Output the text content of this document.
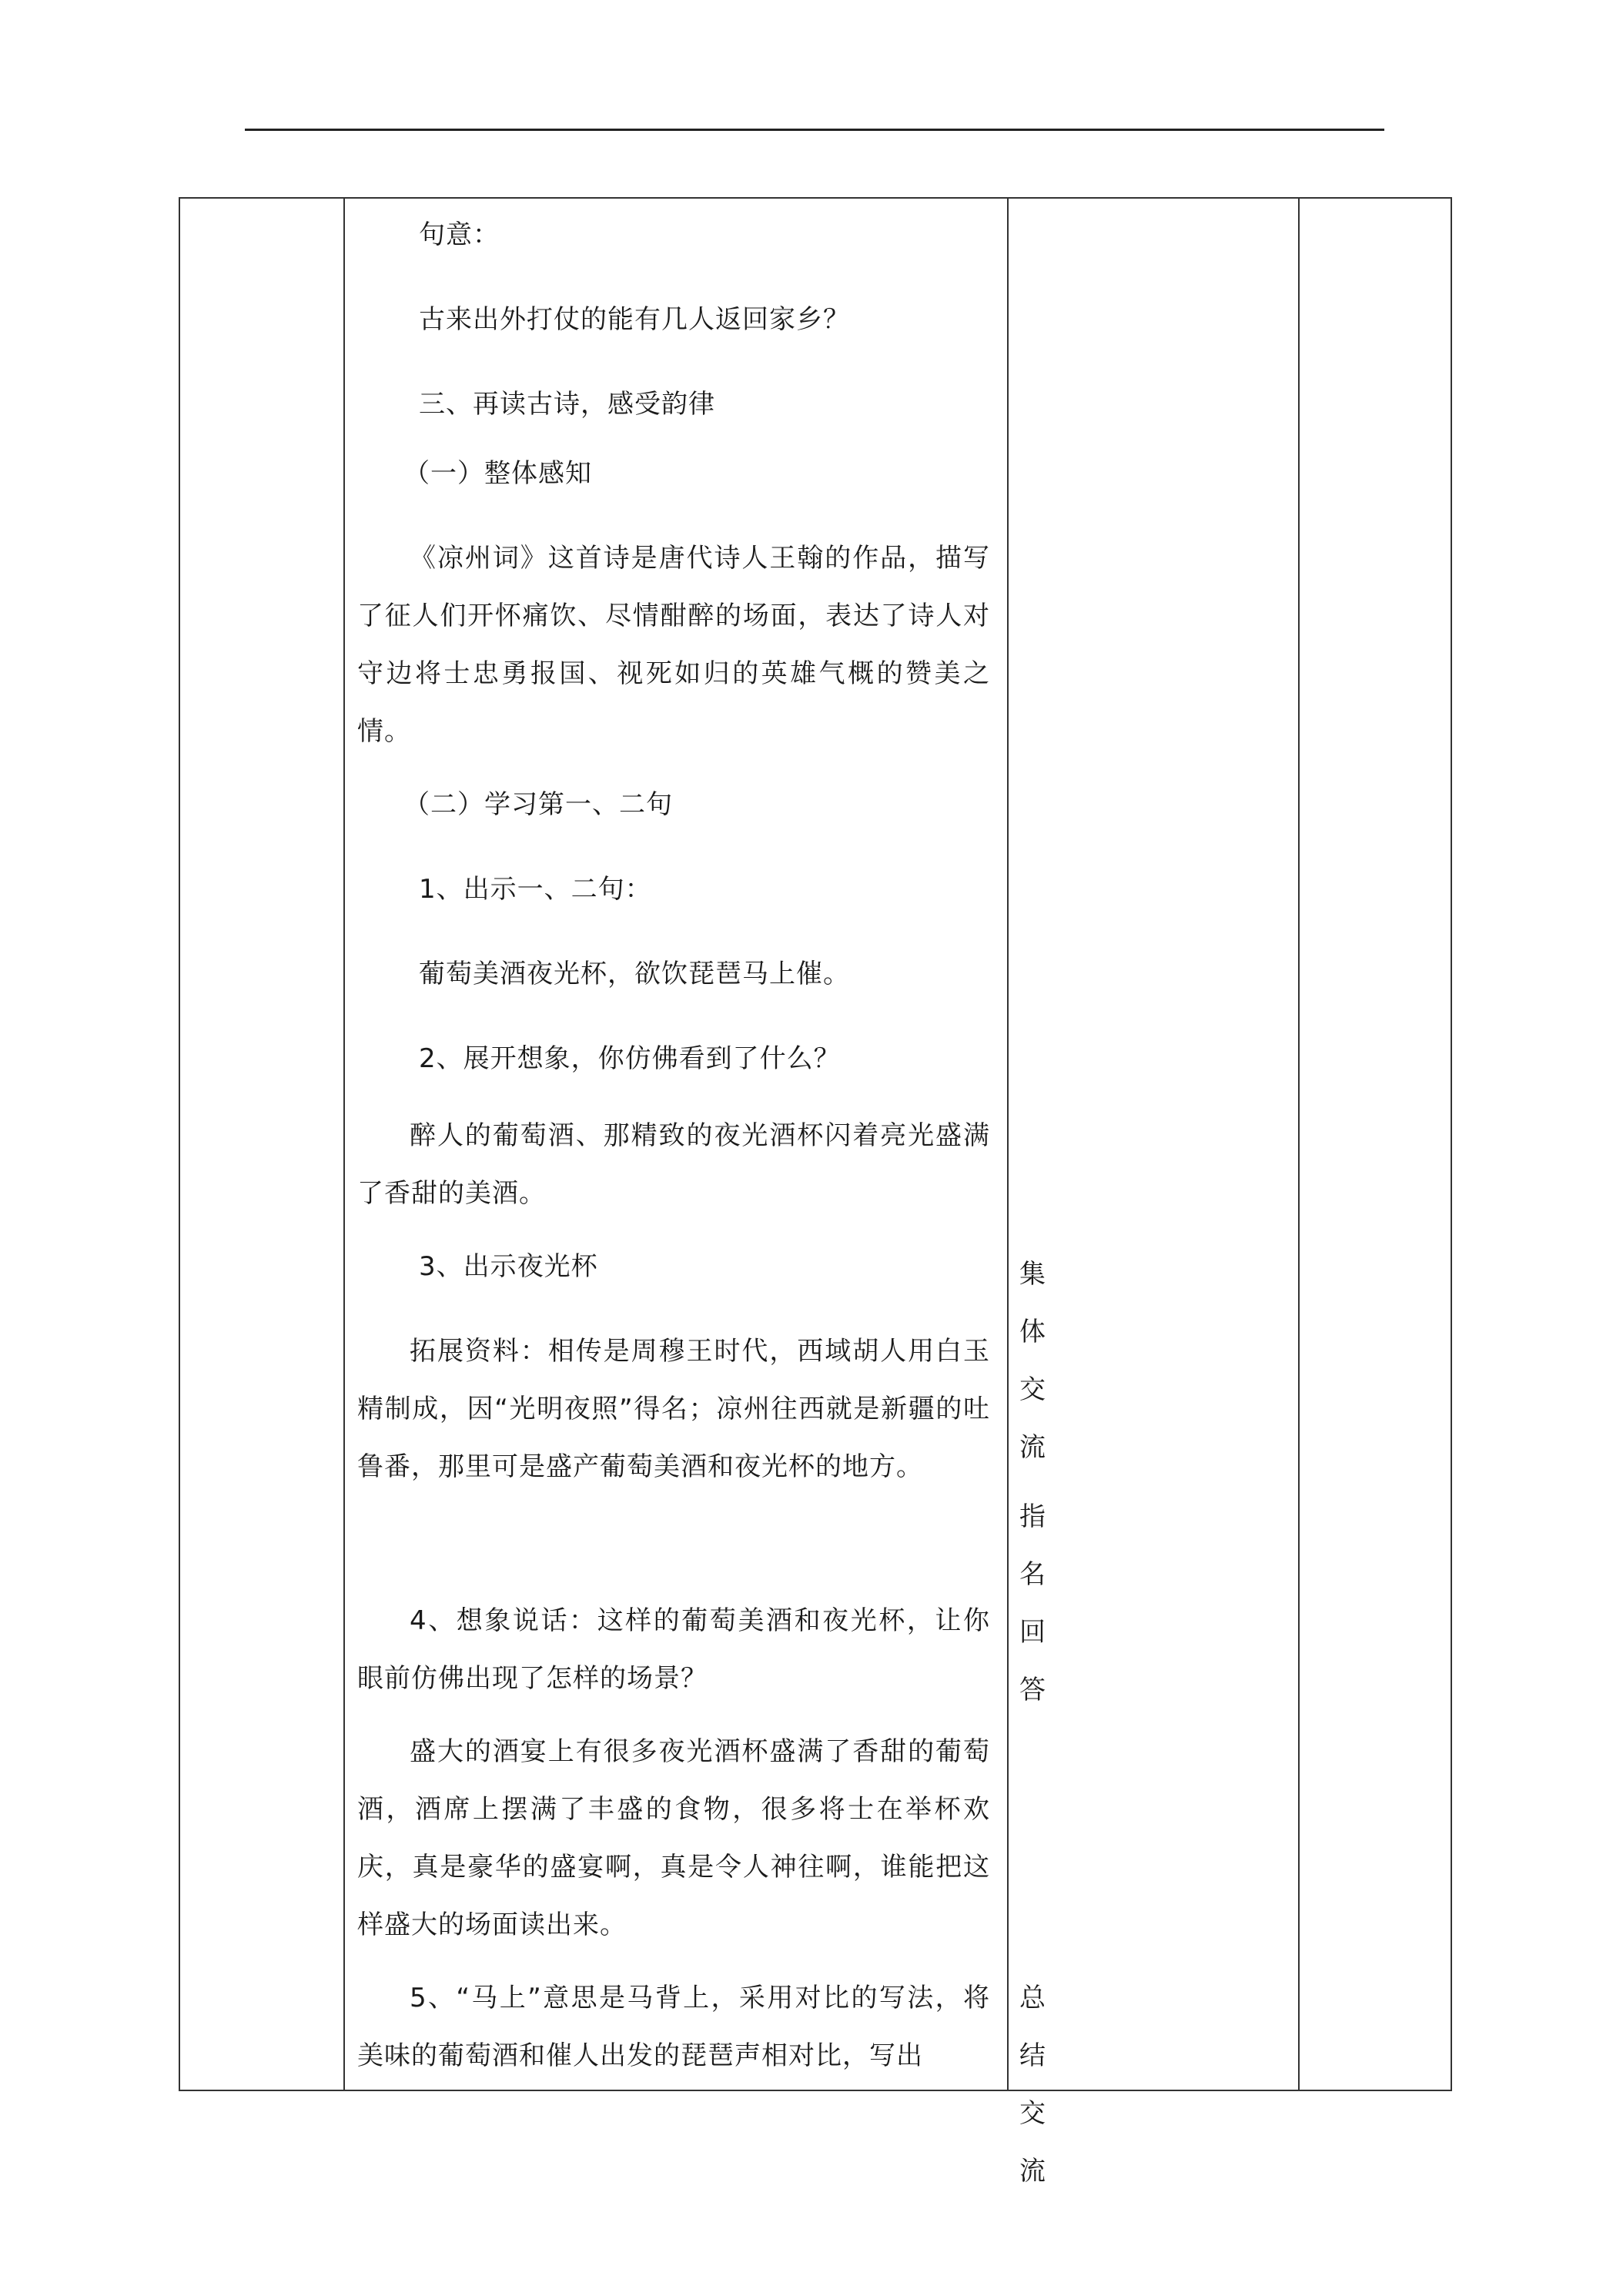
句意：
古来出外打仗的能有几人返回家乡？
三、再读古诗，感受韵律
（一）整体感知
《凉州词》这首诗是唐代诗人王翰的作品，描写了征人们开怀痛饮、尽情酣醉的场面，表达了诗人对守边将士忠勇报国、视死如归的英雄气概的赞美之情。
（二）学习第一、二句
1、出示一、二句：
葡萄美酒夜光杯，欲饮琵琶马上催。
2、展开想象，你仿佛看到了什么？
醉人的葡萄酒、那精致的夜光酒杯闪着亮光盛满了香甜的美酒。
3、出示夜光杯
拓展资料：相传是周穆王时代，西域胡人用白玉精制成，因“光明夜照”得名；凉州往西就是新疆的吐鲁番，那里可是盛产葡萄美酒和夜光杯的地方。
4、想象说话：这样的葡萄美酒和夜光杯，让你眼前仿佛出现了怎样的场景？
盛大的酒宴上有很多夜光酒杯盛满了香甜的葡萄酒，酒席上摆满了丰盛的食物，很多将士在举杯欢庆，真是豪华的盛宴啊，真是令人神往啊，谁能把这样盛大的场面读出来。
5、“马上”意思是马背上，采用对比的写法，将美味的葡萄酒和催人出发的琵琶声相对比，写出
集体交流
指名回答
总结交流
